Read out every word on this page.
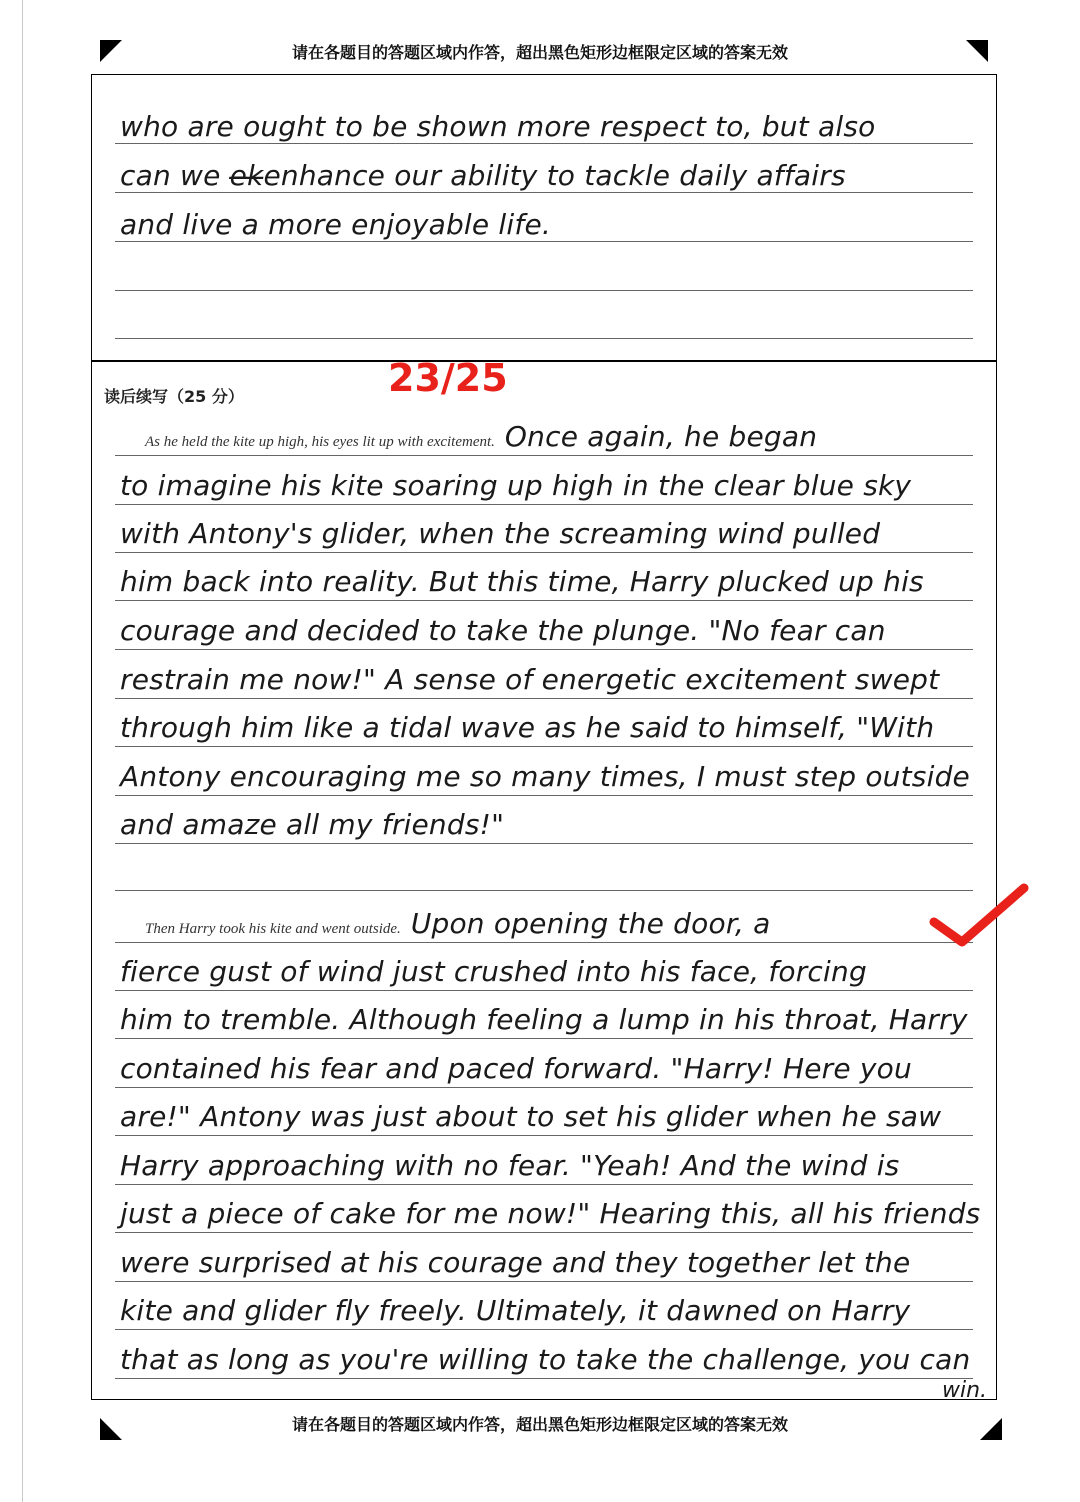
请在各题目的答题区域内作答，超出黑色矩形边框限定区域的答案无效
请在各题目的答题区域内作答，超出黑色矩形边框限定区域的答案无效
who are ought to be shown more respect to, but also
can we e̶k̶enhance our ability to tackle daily affairs
and live a more enjoyable life.
读后续写（25 分）	23/25
As he held the kite up high, his eyes lit up with excitement. Once again, he began
to imagine his kite soaring up high in the clear blue sky
with Antony's glider, when the screaming wind pulled
him back into reality. But this time, Harry plucked up his
courage and decided to take the plunge. "No fear can
restrain me now!" A sense of energetic excitement swept
through him like a tidal wave as he said to himself, "With
Antony encouraging me so many times, I must step outside
and amaze all my friends!"
Then Harry took his kite and went outside. Upon opening the door, a
fierce gust of wind just crushed into his face, forcing
him to tremble. Although feeling a lump in his throat, Harry
contained his fear and paced forward. "Harry! Here you
are!" Antony was just about to set his glider when he saw
Harry approaching with no fear. "Yeah! And the wind is
just a piece of cake for me now!" Hearing this, all his friends
were surprised at his courage and they together let the
kite and glider fly freely. Ultimately, it dawned on Harry
that as long as you're willing to take the challenge, you can
win.
